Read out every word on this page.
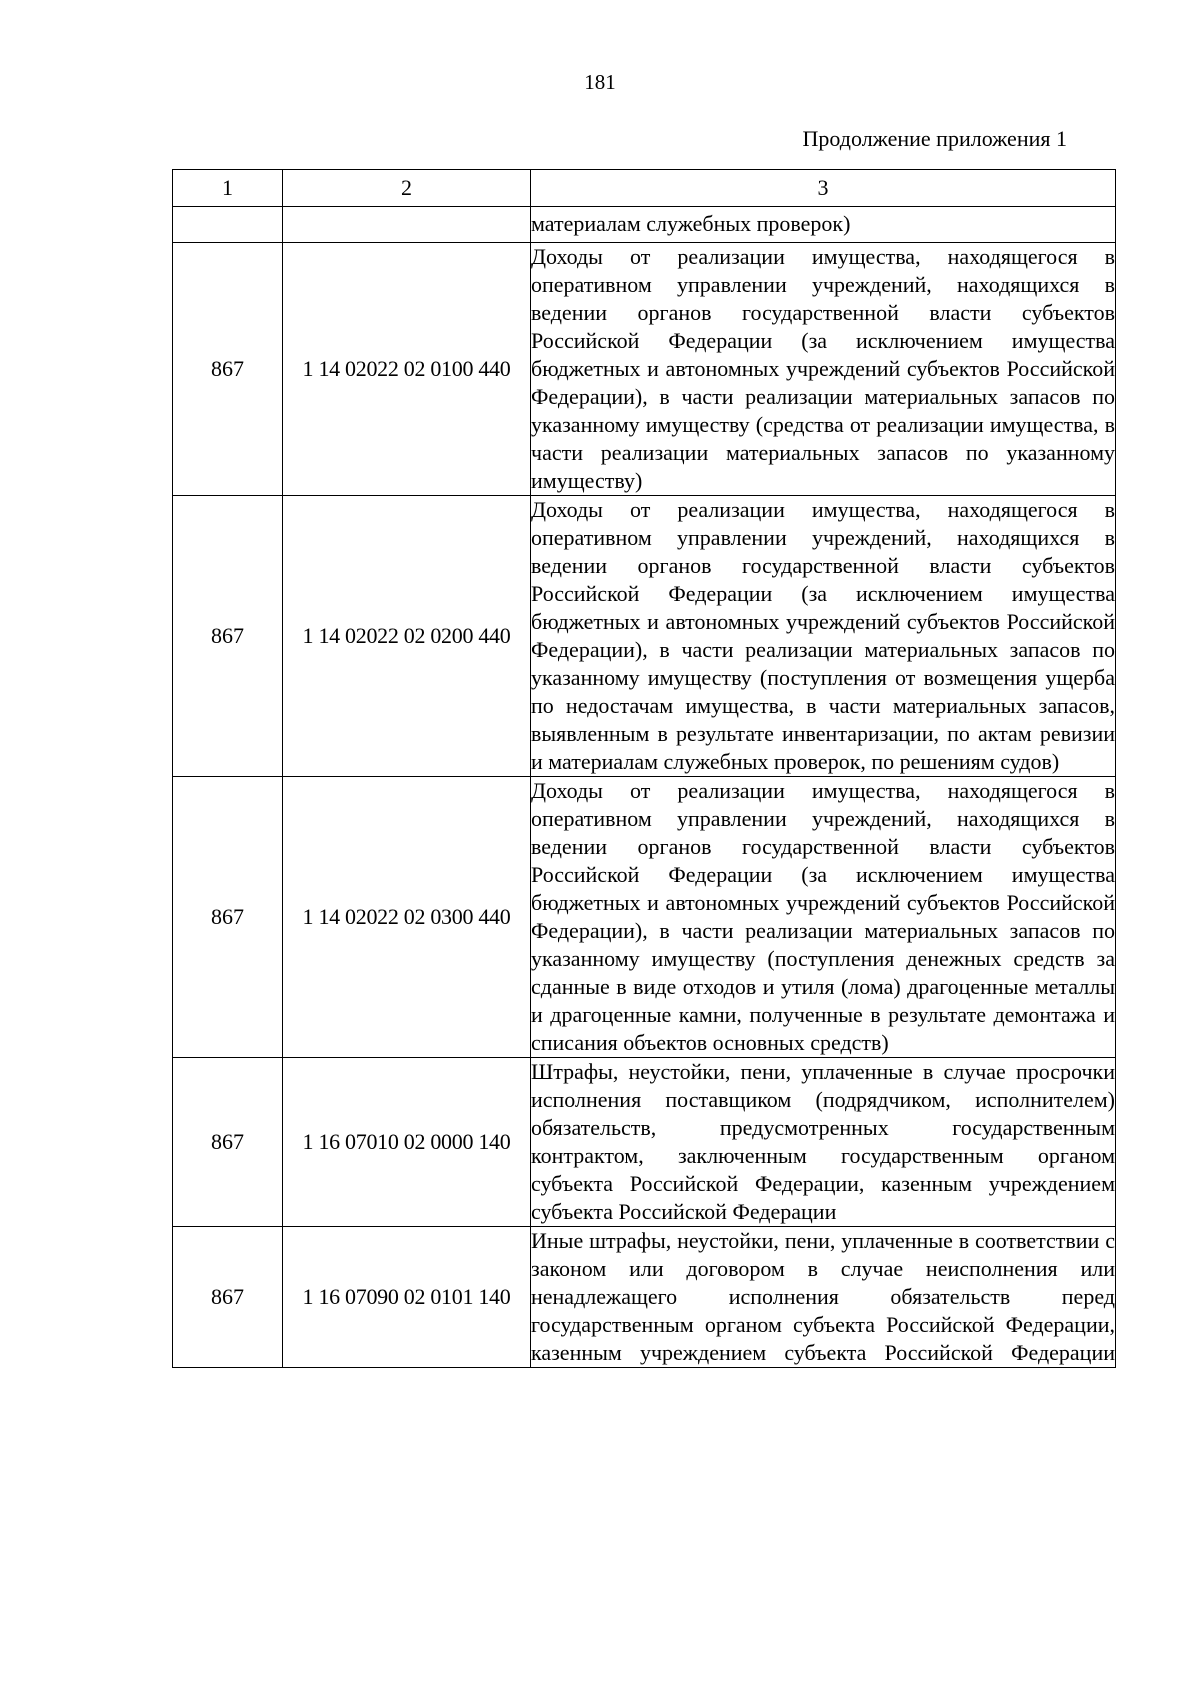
181
Продолжение приложения 1
1	2	3
		материалам служебных проверок)
867	1 14 02022 02 0100 440	Доходы от реализации имущества, находящегося в оперативном управлении учреждений, находящихся в ведении органов государственной власти субъектов Российской Федерации (за исключением имущества бюджетных и автономных учреждений субъектов Российской Федерации), в части реализации материальных запасов по указанному имуществу (средства от реализации имущества, в части реализации материальных запасов по указанному имуществу)
867	1 14 02022 02 0200 440	Доходы от реализации имущества, находящегося в оперативном управлении учреждений, находящихся в ведении органов государственной власти субъектов Российской Федерации (за исключением имущества бюджетных и автономных учреждений субъектов Российской Федерации), в части реализации материальных запасов по указанному имуществу (поступления от возмещения ущерба по недостачам имущества, в части материальных запасов, выявленным в результате инвентаризации, по актам ревизии и материалам служебных проверок, по решениям судов)
867	1 14 02022 02 0300 440	Доходы от реализации имущества, находящегося в оперативном управлении учреждений, находящихся в ведении органов государственной власти субъектов Российской Федерации (за исключением имущества бюджетных и автономных учреждений субъектов Российской Федерации), в части реализации материальных запасов по указанному имуществу (поступления денежных средств за сданные в виде отходов и утиля (лома) драгоценные металлы и драгоценные камни, полученные в результате демонтажа и списания объектов основных средств)
867	1 16 07010 02 0000 140	Штрафы, неустойки, пени, уплаченные в случае просрочки исполнения поставщиком (подрядчиком, исполнителем) обязательств, предусмотренных государственным контрактом, заключенным государственным органом субъекта Российской Федерации, казенным учреждением субъекта Российской Федерации
867	1 16 07090 02 0101 140	Иные штрафы, неустойки, пени, уплаченные в соответствии с законом или договором в случае неисполнения или ненадлежащего исполнения обязательств перед государственным органом субъекта Российской Федерации, казенным учреждением субъекта Российской Федерации
